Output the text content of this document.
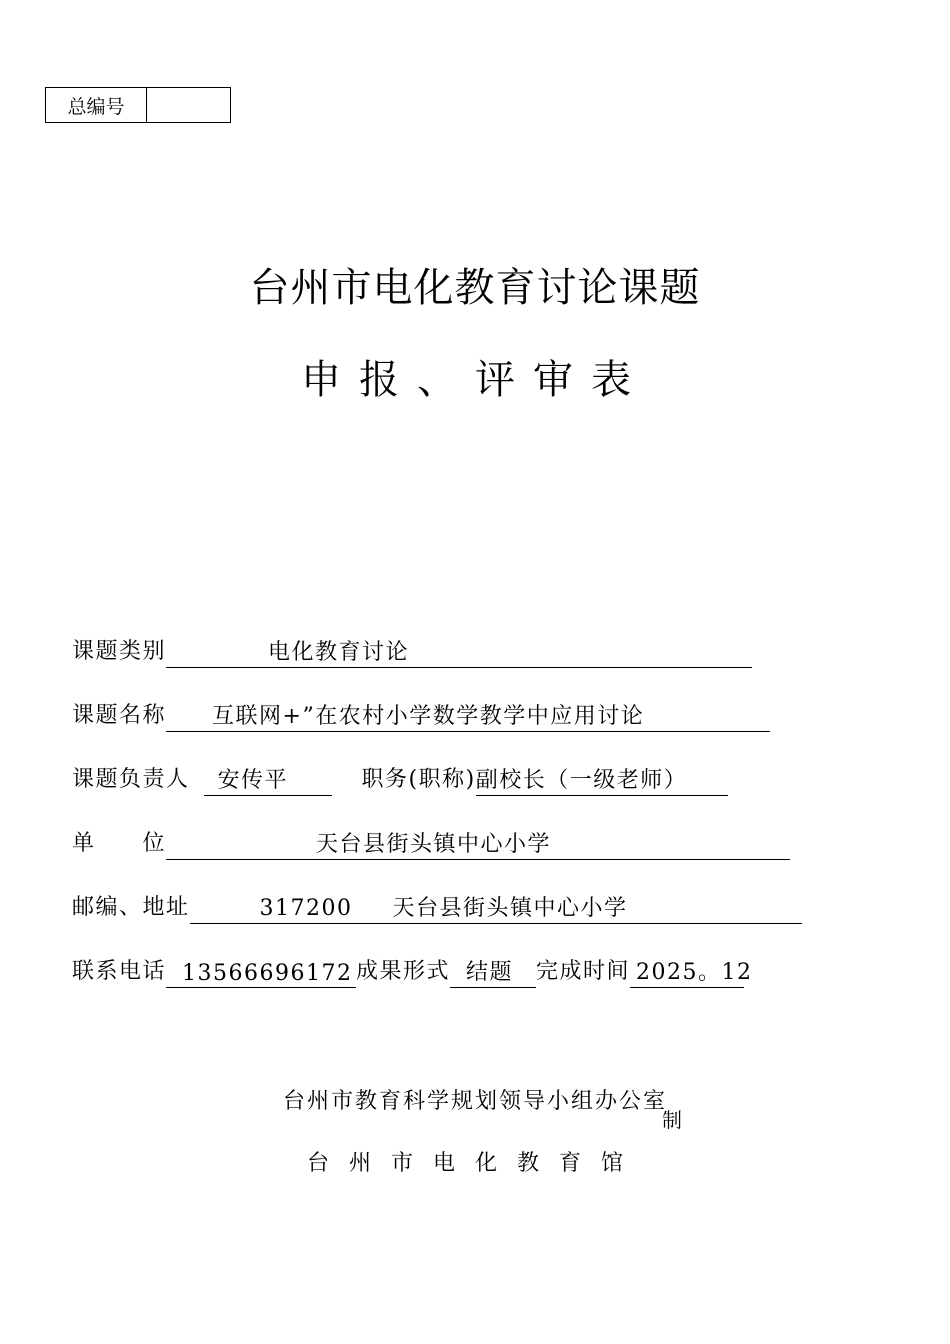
总编号
台州市电化教育讨论课题
申报、评审表
课题类别	电化教育讨论
课题名称	互联网+”在农村小学数学教学中应用讨论
课题负责人	安传平	职务(职称) 副校长（一级老师）
单　　位	天台县街头镇中心小学
邮编、地址	317200 天台县街头镇中心小学
联系电话 13566696172 成果形式 结题	完成时间 2025。12
台州市教育科学规划领导小组办公室
制
台州市电化教育馆
